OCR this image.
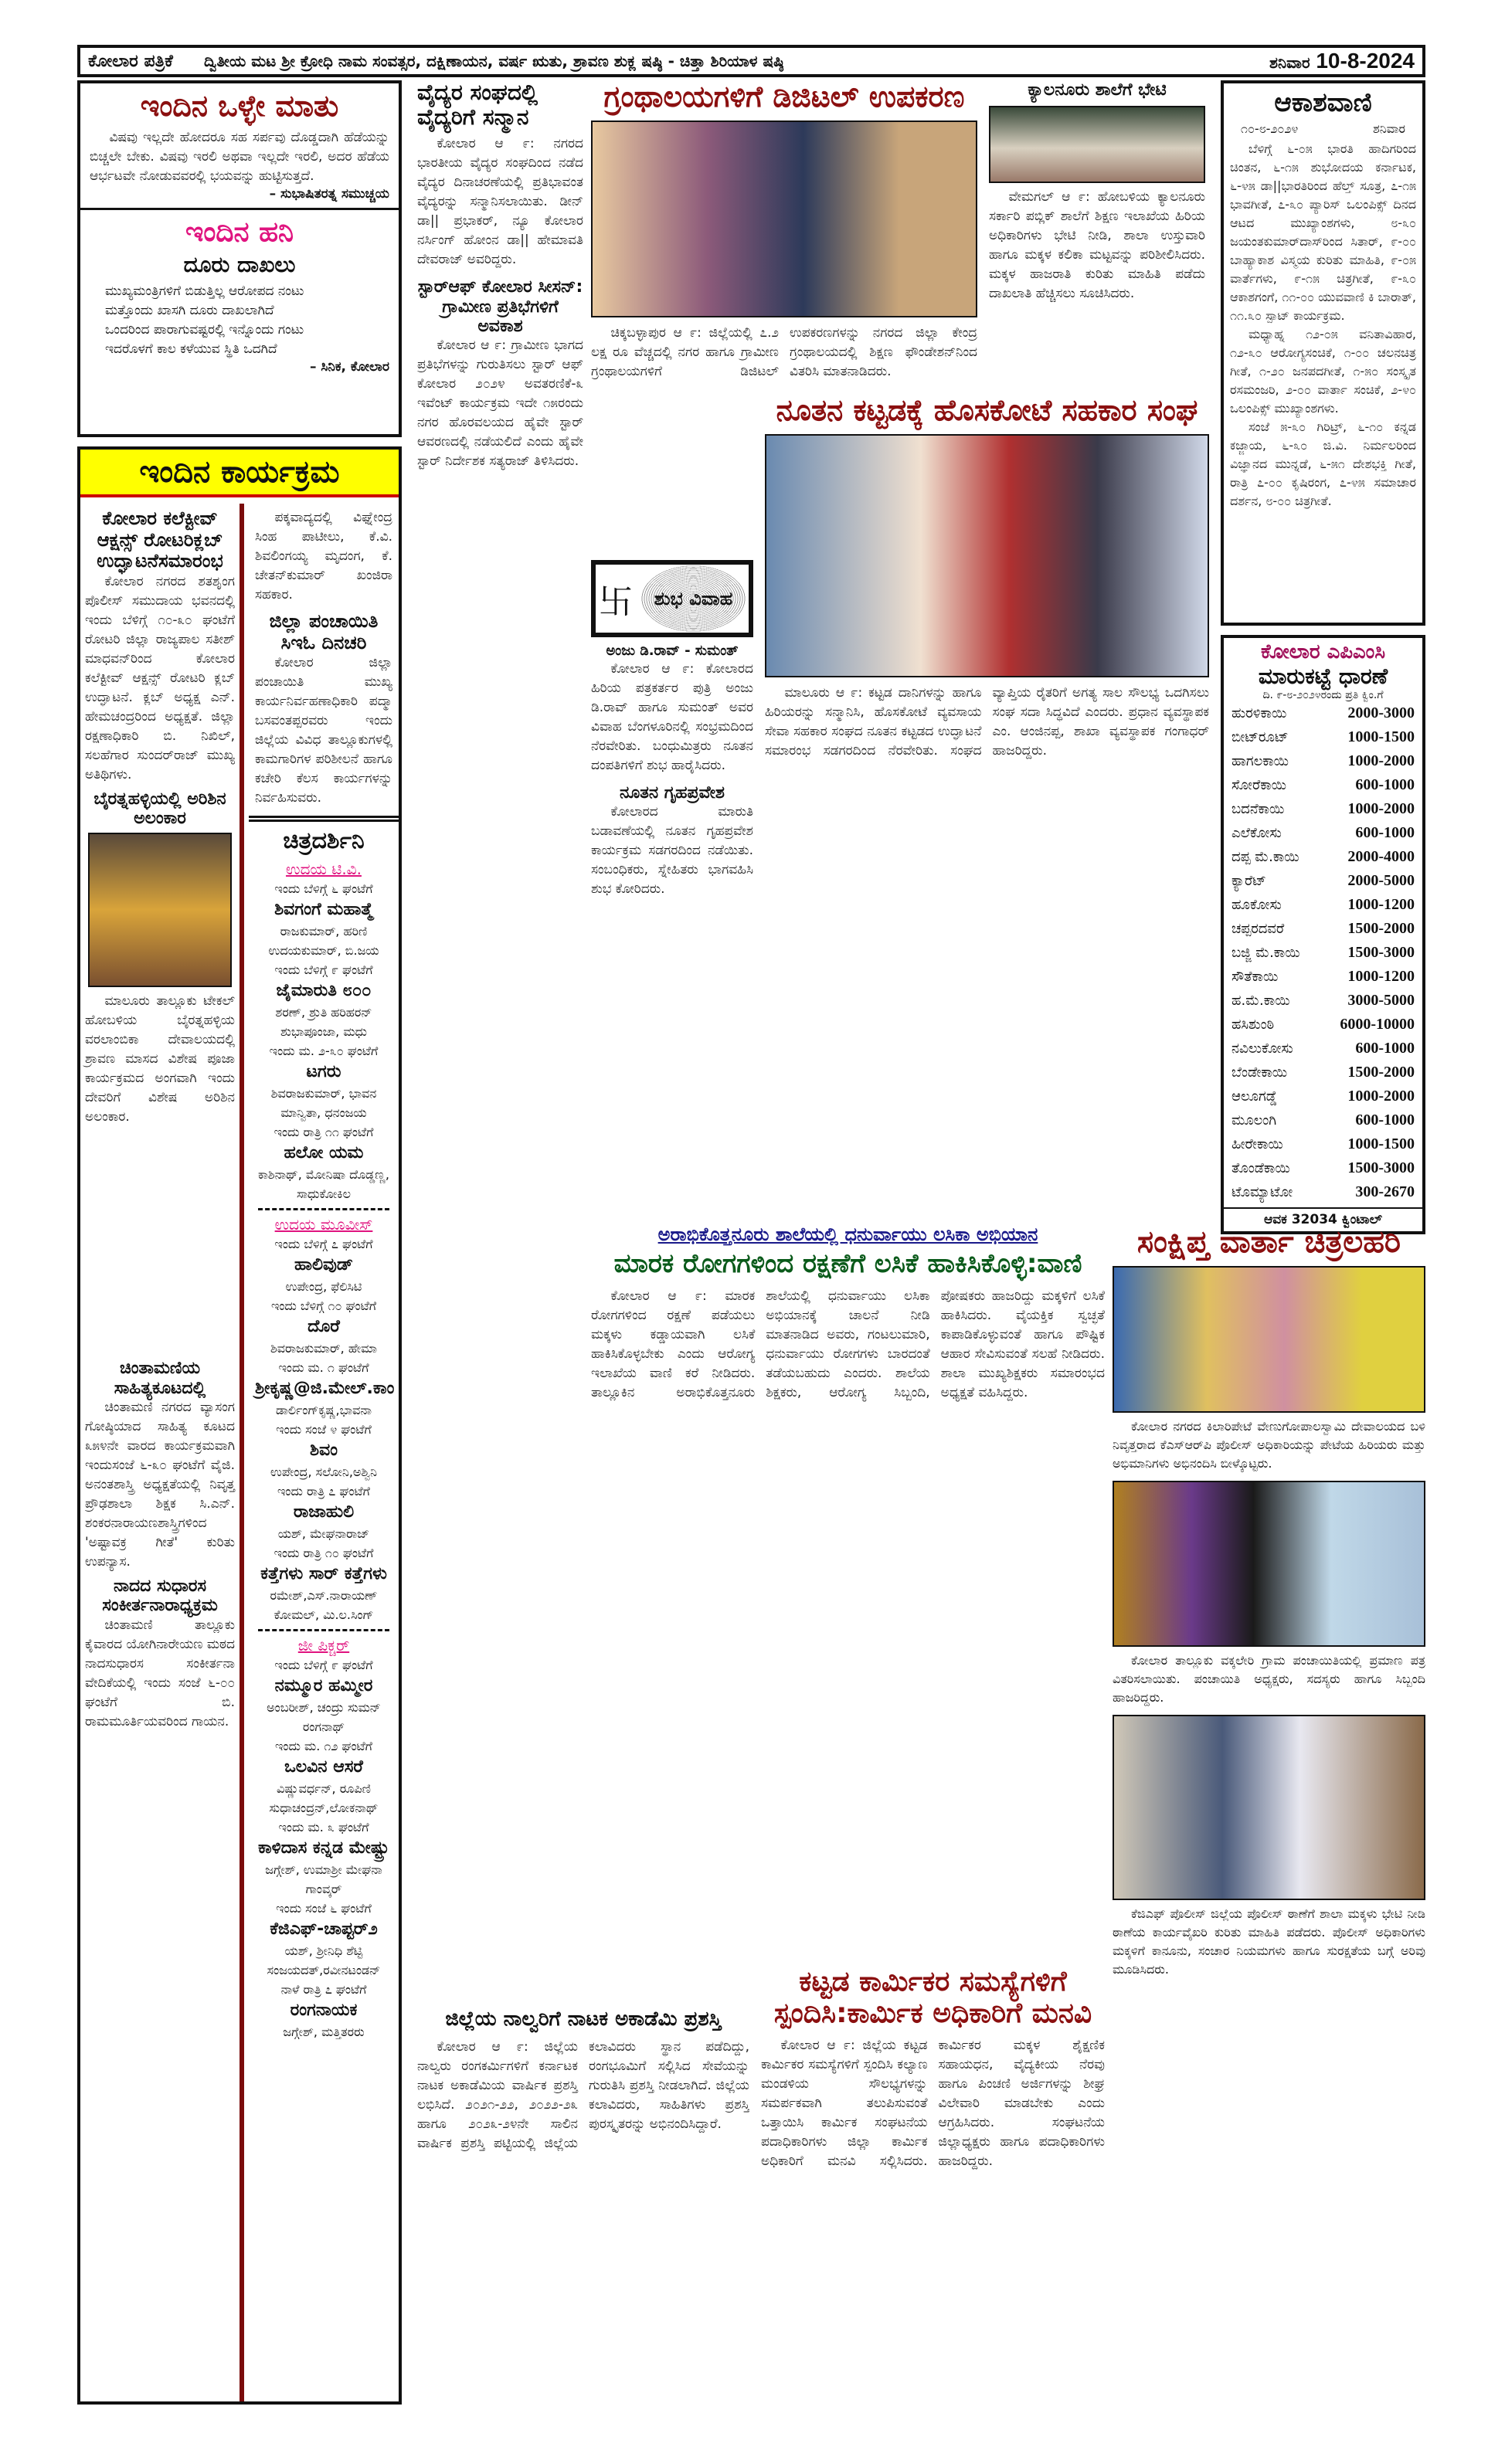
ಕೋಲಾರ ಪತ್ರಿಕೆ ದ್ವಿತೀಯ ಮಟ ಶ್ರೀ ಕ್ರೋಧಿ ನಾಮ ಸಂವತ್ಸರ, ದಕ್ಷಿಣಾಯನ, ವರ್ಷ ಋತು, ಶ್ರಾವಣ ಶುಕ್ಲ ಷಷ್ಠಿ - ಚಿತ್ತಾ ಶಿರಿಯಾಳ ಷಷ್ಠಿ	ಶನಿವಾರ 10-8-2024
ಇಂದಿನ ಒಳ್ಳೇ ಮಾತು

ವಿಷವು ಇಲ್ಲದೇ ಹೋದರೂ ಸಹ ಸರ್ಪವು ದೊಡ್ಡದಾಗಿ ಹೆಡೆಯನ್ನು ಬಿಚ್ಚಲೇ ಬೇಕು. ವಿಷವು ಇರಲಿ ಅಥವಾ ಇಲ್ಲದೇ ಇರಲಿ, ಅದರ ಹೆಡೆಯ ಆರ್ಭಟವೇ ನೋಡುವವರಲ್ಲಿ ಭಯವನ್ನು ಹುಟ್ಟಿಸುತ್ತದೆ.

– ಸುಭಾಷಿತರತ್ನ ಸಮುಚ್ಚಯ
ಇಂದಿನ ಹನಿ
ದೂರು ದಾಖಲು
ಮುಖ್ಯಮಂತ್ರಿಗಳಿಗೆ ಬಿಡುತ್ತಿಲ್ಲ ಆರೋಪದ ನಂಟು
ಮತ್ತೊಂದು ಖಾಸಗಿ ದೂರು ದಾಖಲಾಗಿದೆ
ಒಂದರಿಂದ ಪಾರಾಗುವಷ್ಟರಲ್ಲಿ ಇನ್ನೊಂದು ಗಂಟು
ಇದರೊಳಗೆ ಕಾಲ ಕಳೆಯುವ ಸ್ಥಿತಿ ಒದಗಿದೆ
– ಸಿನಿಕ, ಕೋಲಾರ
ಇಂದಿನ ಕಾರ್ಯಕ್ರಮ
ಕೋಲಾರ ಕಲೆಕ್ಟೀವ್ ಆಕ್ಷನ್ಸ್ ರೋಟರಿಕ್ಲಬ್ ಉದ್ಘಾಟನೆಸಮಾರಂಭ

ಕೋಲಾರ ನಗರದ ಶತಶೃಂಗ ಪೊಲೀಸ್ ಸಮುದಾಯ ಭವನದಲ್ಲಿ ಇಂದು ಬೆಳಿಗ್ಗೆ ೧೦-೩೦ ಘಂಟೆಗೆ ರೋಟರಿ ಜಿಲ್ಲಾ ರಾಜ್ಯಪಾಲ ಸತೀಶ್ ಮಾಧವನ್‌ರಿಂದ ಕೋಲಾರ ಕಲೆಕ್ಟೀವ್ ಆಕ್ಷನ್ಸ್ ರೋಟರಿ ಕ್ಲಬ್ ಉದ್ಘಾಟನೆ. ಕ್ಲಬ್ ಅಧ್ಯಕ್ಷ ಎನ್. ಹೇಮಚಂದ್ರರಿಂದ ಅಧ್ಯಕ್ಷತೆ. ಜಿಲ್ಲಾ ರಕ್ಷಣಾಧಿಕಾರಿ ಬಿ. ನಿಖಿಲ್, ಸಲಹೆಗಾರ ಸುಂದರ್‌ರಾಜ್ ಮುಖ್ಯ ಅತಿಥಿಗಳು.

ಬೈರತ್ನಹಳ್ಳಿಯಲ್ಲಿ ಅರಿಶಿನ ಅಲಂಕಾರ

ಮಾಲೂರು ತಾಲ್ಲೂಕು ಟೇಕಲ್ ಹೋಬಳಿಯ ಬೈರತ್ನಹಳ್ಳಿಯ ವರಲಾಂಬಿಕಾ ದೇವಾಲಯದಲ್ಲಿ ಶ್ರಾವಣ ಮಾಸದ ವಿಶೇಷ ಪೂಜಾ ಕಾರ್ಯಕ್ರಮದ ಅಂಗವಾಗಿ ಇಂದು ದೇವರಿಗೆ ವಿಶೇಷ ಅರಿಶಿನ ಅಲಂಕಾರ.

ಚಿಂತಾಮಣಿಯ ಸಾಹಿತ್ಯಕೂಟದಲ್ಲಿ

ಚಿಂತಾಮಣಿ ನಗರದ ವ್ಯಾಸಂಗ ಗೋಷ್ಠಿಯಾದ ಸಾಹಿತ್ಯ ಕೂಟದ ೩೫೪ನೇ ವಾರದ ಕಾರ್ಯಕ್ರಮವಾಗಿ ಇಂದುಸಂಜೆ ೬-೩೦ ಘಂಟೆಗೆ ವೈಜಿ. ಅನಂತಶಾಸ್ತ್ರಿ ಅಧ್ಯಕ್ಷತೆಯಲ್ಲಿ ನಿವೃತ್ತ ಪ್ರೌಢಶಾಲಾ ಶಿಕ್ಷಕ ಸಿ.ಎನ್. ಶಂಕರನಾರಾಯಣಶಾಸ್ತ್ರಿಗಳಿಂದ 'ಅಷ್ಟಾವಕ್ರ ಗೀತೆ' ಕುರಿತು ಉಪನ್ಯಾಸ.

ನಾದದ ಸುಧಾರಸ ಸಂಕೀರ್ತನಾರಾಧ್ಯಕ್ರಮ

ಚಿಂತಾಮಣಿ ತಾಲ್ಲೂಕು ಕೈವಾರದ ಯೋಗಿನಾರೇಯಣ ಮಠದ ನಾದಸುಧಾರಸ ಸಂಕೀರ್ತನಾ ವೇದಿಕೆಯಲ್ಲಿ ಇಂದು ಸಂಜೆ ೬-೦೦ ಘಂಟೆಗೆ ಬಿ. ರಾಮಮೂರ್ತಿಯವರಿಂದ ಗಾಯನ.

ಪಕ್ಕವಾದ್ಯದಲ್ಲಿ ವಿಘ್ನೇಂದ್ರ ಸಿಂಹ ಪಾಟೀಲು, ಕೆ.ವಿ. ಶಿವಲಿಂಗಯ್ಯ ಮೃದಂಗ, ಕೆ. ಚೇತನ್‌ಕುಮಾರ್ ಖಂಜಿರಾ ಸಹಕಾರ.

ಜಿಲ್ಲಾ ಪಂಚಾಯಿತಿ ಸಿಇಓ ದಿನಚರಿ

ಕೋಲಾರ ಜಿಲ್ಲಾ ಪಂಚಾಯಿತಿ ಮುಖ್ಯ ಕಾರ್ಯನಿರ್ವಹಣಾಧಿಕಾರಿ ಪದ್ಮಾ ಬಸವಂತಪ್ಪರವರು ಇಂದು ಜಿಲ್ಲೆಯ ವಿವಿಧ ತಾಲ್ಲೂಕುಗಳಲ್ಲಿ ಕಾಮಗಾರಿಗಳ ಪರಿಶೀಲನೆ ಹಾಗೂ ಕಚೇರಿ ಕೆಲಸ ಕಾರ್ಯಗಳನ್ನು ನಿರ್ವಹಿಸುವರು.

ಚಿತ್ರದರ್ಶಿನಿ

ಉದಯ ಟಿ.ವಿ.

ಇಂದು ಬೆಳಿಗ್ಗೆ ೬ ಘಂಟೆಗೆ

ಶಿವಗಂಗೆ ಮಹಾತ್ಮೆ

ರಾಜಕುಮಾರ್, ಹರಿಣಿ ಉದಯಕುಮಾರ್, ಬಿ.ಜಯ

ಇಂದು ಬೆಳಿಗ್ಗೆ ೯ ಘಂಟೆಗೆ

ಜೈಮಾರುತಿ ೮೦೦

ಶರಣ್, ಶ್ರುತಿ ಹರಿಹರನ್ ಶುಭಾಪೂಂಜಾ, ಮಧು

ಇಂದು ಮ. ೨-೩೦ ಘಂಟೆಗೆ

ಟಗರು

ಶಿವರಾಜಕುಮಾರ್, ಭಾವನ ಮಾನ್ವಿತಾ, ಧನಂಜಯ

ಇಂದು ರಾತ್ರಿ ೧೧ ಘಂಟೆಗೆ

ಹಲೋ ಯಮ

ಕಾಶಿನಾಥ್, ಮೋನಿಷಾ ದೊಡ್ಡಣ್ಣ, ಸಾಧುಕೋಕಿಲ

ಉದಯ ಮೂವೀಸ್

ಇಂದು ಬೆಳಿಗ್ಗೆ ೭ ಘಂಟೆಗೆ

ಹಾಲಿವುಡ್

ಉಪೇಂದ್ರ, ಫೆಲಿಸಿಟಿ

ಇಂದು ಬೆಳಿಗ್ಗೆ ೧೦ ಘಂಟೆಗೆ

ದೊರೆ

ಶಿವರಾಜಕುಮಾರ್, ಹೇಮಾ

ಇಂದು ಮ. ೧ ಘಂಟೆಗೆ

ಶ್ರೀಕೃಷ್ಣ@ಜಿ.ಮೇಲ್.ಕಾಂ

ಡಾರ್ಲಿಂಗ್‌ಕೃಷ್ಣ,ಭಾವನಾ

ಇಂದು ಸಂಜೆ ೪ ಘಂಟೆಗೆ

ಶಿವಂ

ಉಪೇಂದ್ರ, ಸಲೋನಿ,ಅಶ್ವಿನಿ

ಇಂದು ರಾತ್ರಿ ೭ ಘಂಟೆಗೆ

ರಾಜಾಹುಲಿ

ಯಶ್, ಮೇಘನಾರಾಜ್

ಇಂದು ರಾತ್ರಿ ೧೦ ಘಂಟೆಗೆ

ಕತ್ತೆಗಳು ಸಾರ್ ಕತ್ತೆಗಳು

ರಮೇಶ್,ಎಸ್.ನಾರಾಯಣ್ ಕೋಮಲ್, ಮಿ.ಲ.ಸಿಂಗ್

ಜೀ ಪಿಕ್ಚರ್

ಇಂದು ಬೆಳಿಗ್ಗೆ ೯ ಘಂಟೆಗೆ

ನಮ್ಮೂರ ಹಮ್ಮೀರ

ಅಂಬರೀಶ್, ಚಂದ್ರು ಸುಮನ್ ರಂಗನಾಥ್

ಇಂದು ಮ. ೧೨ ಘಂಟೆಗೆ

ಒಲವಿನ ಆಸರೆ

ವಿಷ್ಣುವರ್ಧನ್, ರೂಪಿಣಿ ಸುಧಾಚಂದ್ರನ್,ಲೋಕನಾಥ್

ಇಂದು ಮ. ೩ ಘಂಟೆಗೆ

ಕಾಳಿದಾಸ ಕನ್ನಡ ಮೇಷ್ಟ್ರು

ಜಗ್ಗೇಶ್, ಉಮಾಶ್ರೀ ಮೇಘನಾ ಗಾಂವ್ಕರ್

ಇಂದು ಸಂಜೆ ೬ ಘಂಟೆಗೆ

ಕೆಜಿಎಫ್-ಚಾಪ್ಟರ್೨

ಯಶ್, ಶ್ರೀನಿಧಿ ಶೆಟ್ಟಿ ಸಂಜಯದತ್,ರವೀನಟಂಡನ್

ನಾಳೆ ರಾತ್ರಿ ೭ ಘಂಟೆಗೆ

ರಂಗನಾಯಕ

ಜಗ್ಗೇಶ್, ಮತ್ತಿತರರು

ವೈದ್ಯರ ಸಂಘದಲ್ಲಿ ವೈದ್ಯರಿಗೆ ಸನ್ಮಾನ

ಕೋಲಾರ ಆ ೯: ನಗರದ ಭಾರತೀಯ ವೈದ್ಯರ ಸಂಘದಿಂದ ನಡೆದ ವೈದ್ಯರ ದಿನಾಚರಣೆಯಲ್ಲಿ ಪ್ರತಿಭಾವಂತ ವೈದ್ಯರನ್ನು ಸನ್ಮಾನಿಸಲಾಯಿತು. ಡೀನ್ ಡಾ|| ಪ್ರಭಾಕರ್, ನ್ಯೂ ಕೋಲಾರ ನರ್ಸಿಂಗ್ ಹೋಂನ ಡಾ|| ಹೇಮಾವತಿ ದೇವರಾಜ್ ಅವರಿದ್ದರು.

ಸ್ಟಾರ್‌ಆಫ್ ಕೋಲಾರ ಸೀಸನ್: ಗ್ರಾಮೀಣ ಪ್ರತಿಭೆಗಳಿಗೆ ಅವಕಾಶ

ಕೋಲಾರ ಆ ೯: ಗ್ರಾಮೀಣ ಭಾಗದ ಪ್ರತಿಭೆಗಳನ್ನು ಗುರುತಿಸಲು ಸ್ಟಾರ್ ಆಫ್ ಕೋಲಾರ ೨೦೨೪ ಅವತರಣಿಕೆ-೩ ಇವೆಂಟ್ ಕಾರ್ಯಕ್ರಮ ಇದೇ ೧೫ರಂದು ನಗರ ಹೊರವಲಯದ ಹೈವೇ ಸ್ಟಾರ್ ಆವರಣದಲ್ಲಿ ನಡೆಯಲಿದೆ ಎಂದು ಹೈವೇ ಸ್ಟಾರ್ ನಿರ್ದೇಶಕ ಸತ್ಯರಾಜ್ ತಿಳಿಸಿದರು.

ಗ್ರಂಥಾಲಯಗಳಿಗೆ ಡಿಜಿಟಲ್ ಉಪಕರಣ

ಚಿಕ್ಕಬಳ್ಳಾಪುರ ಆ ೯: ಜಿಲ್ಲೆಯಲ್ಲಿ ೭.೨ ಲಕ್ಷ ರೂ ವೆಚ್ಚದಲ್ಲಿ ನಗರ ಹಾಗೂ ಗ್ರಾಮೀಣ ಗ್ರಂಥಾಲಯಗಳಿಗೆ ಡಿಜಿಟಲ್ ಉಪಕರಣಗಳನ್ನು ನಗರದ ಜಿಲ್ಲಾ ಕೇಂದ್ರ ಗ್ರಂಥಾಲಯದಲ್ಲಿ ಶಿಕ್ಷಣ ಫೌಂಡೇಶನ್‌ನಿಂದ ವಿತರಿಸಿ ಮಾತನಾಡಿದರು.

ಕ್ಯಾಲನೂರು ಶಾಲೆಗೆ ಭೇಟಿ

ವೇಮಗಲ್ ಆ ೯: ಹೋಬಳಿಯ ಕ್ಯಾಲನೂರು ಸರ್ಕಾರಿ ಪಬ್ಲಿಕ್ ಶಾಲೆಗೆ ಶಿಕ್ಷಣ ಇಲಾಖೆಯ ಹಿರಿಯ ಅಧಿಕಾರಿಗಳು ಭೇಟಿ ನೀಡಿ, ಶಾಲಾ ಉಸ್ತುವಾರಿ ಹಾಗೂ ಮಕ್ಕಳ ಕಲಿಕಾ ಮಟ್ಟವನ್ನು ಪರಿಶೀಲಿಸಿದರು. ಮಕ್ಕಳ ಹಾಜರಾತಿ ಕುರಿತು ಮಾಹಿತಿ ಪಡೆದು ದಾಖಲಾತಿ ಹೆಚ್ಚಿಸಲು ಸೂಚಿಸಿದರು.

ಆಕಾಶವಾಣಿ
೧೦-೮-೨೦೨೪	ಶನಿವಾರ

ಬೆಳಿಗ್ಗೆ ೬-೦೫ ಭಾರತಿ ಹಾದಿಗರಿಂದ ಚಿಂತನ, ೬-೧೫ ಶುಭೋದಯ ಕರ್ನಾಟಕ, ೬-೪೫ ಡಾ||ಭಾರತಿರಿಂದ ಹೆಲ್ತ್ ಸೂತ್ರ, ೭-೧೫ ಭಾವಗೀತೆ, ೭-೩೦ ಪ್ಯಾರಿಸ್ ಒಲಂಪಿಕ್ಸ್ ದಿನದ ಆಟದ ಮುಖ್ಯಾಂಶಗಳು, ೮-೩೦ ಜಯಂತಕುಮಾರ್‌ದಾಸ್‌ರಿಂದ ಸಿತಾರ್, ೯-೦೦ ಬಾಹ್ಯಾಕಾಶ ವಿಸ್ಮಯ ಕುರಿತು ಮಾಹಿತಿ, ೯-೦೫ ವಾರ್ತೆಗಳು, ೯-೧೫ ಚಿತ್ರಗೀತೆ, ೯-೩೦ ಆಕಾಶಗಂಗೆ, ೧೧-೦೦ ಯುವವಾಣಿ ಕಿ ಬಾರಾತ್, ೧೧.೩೦ ಸ್ಪಾಟ್ ಕಾರ್ಯಕ್ರಮ.

ಮಧ್ಯಾಹ್ನ ೧೨-೦೫ ವನಿತಾವಿಹಾರ, ೧೨-೩೦ ಆರೋಗ್ಯಸಂಚಿಕೆ, ೧-೦೦ ಚಲನಚಿತ್ರ ಗೀತೆ, ೧-೨೦ ಜನಪದಗೀತೆ, ೧-೫೦ ಸಂಸ್ಕೃತ ರಸಮಂಜರಿ, ೨-೦೦ ವಾರ್ತಾ ಸಂಚಿಕೆ, ೨-೪೦ ಒಲಂಪಿಕ್ಸ್ ಮುಖ್ಯಾಂಶಗಳು.

ಸಂಜೆ ೫-೩೦ ಗಿರಿಟ್ರ್, ೬-೧೦ ಕನ್ನಡ ಕಜ್ಜಾಯ, ೬-೩೦ ಜಿ.ವಿ. ನಿರ್ಮಲರಿಂದ ವಿಜ್ಞಾನದ ಮುನ್ನಡೆ, ೬-೫೧ ದೇಶಭಕ್ತಿ ಗೀತೆ, ರಾತ್ರಿ ೭-೦೦ ಕೃಷಿರಂಗ, ೭-೪೫ ಸಮಾಚಾರ ದರ್ಶನ, ೮-೦೦ ಚಿತ್ರಗೀತೆ.

卐	ಶುಭ ವಿವಾಹ
ಅಂಜು ಡಿ.ರಾವ್ - ಸುಮಂತ್

ಕೋಲಾರ ಆ ೯: ಕೋಲಾರದ ಹಿರಿಯ ಪತ್ರಕರ್ತರ ಪುತ್ರಿ ಅಂಜು ಡಿ.ರಾವ್ ಹಾಗೂ ಸುಮಂತ್ ಅವರ ವಿವಾಹ ಬೆಂಗಳೂರಿನಲ್ಲಿ ಸಂಭ್ರಮದಿಂದ ನೆರವೇರಿತು. ಬಂಧುಮಿತ್ರರು ನೂತನ ದಂಪತಿಗಳಿಗೆ ಶುಭ ಹಾರೈಸಿದರು.

ನೂತನ ಗೃಹಪ್ರವೇಶ

ಕೋಲಾರದ ಮಾರುತಿ ಬಡಾವಣೆಯಲ್ಲಿ ನೂತನ ಗೃಹಪ್ರವೇಶ ಕಾರ್ಯಕ್ರಮ ಸಡಗರದಿಂದ ನಡೆಯಿತು. ಸಂಬಂಧಿಕರು, ಸ್ನೇಹಿತರು ಭಾಗವಹಿಸಿ ಶುಭ ಕೋರಿದರು.

ನೂತನ ಕಟ್ಟಡಕ್ಕೆ ಹೊಸಕೋಟೆ ಸಹಕಾರ ಸಂಘ

ಮಾಲೂರು ಆ ೯: ಕಟ್ಟಡ ದಾನಿಗಳನ್ನು ಹಾಗೂ ಹಿರಿಯರನ್ನು ಸನ್ಮಾನಿಸಿ, ಹೊಸಕೋಟೆ ವ್ಯವಸಾಯ ಸೇವಾ ಸಹಕಾರ ಸಂಘದ ನೂತನ ಕಟ್ಟಡದ ಉದ್ಘಾಟನೆ ಸಮಾರಂಭ ಸಡಗರದಿಂದ ನೆರವೇರಿತು. ಸಂಘದ ವ್ಯಾಪ್ತಿಯ ರೈತರಿಗೆ ಅಗತ್ಯ ಸಾಲ ಸೌಲಭ್ಯ ಒದಗಿಸಲು ಸಂಘ ಸದಾ ಸಿದ್ಧವಿದೆ ಎಂದರು. ಪ್ರಧಾನ ವ್ಯವಸ್ಥಾಪಕ ಎಂ. ಆಂಜಿನಪ್ಪ, ಶಾಖಾ ವ್ಯವಸ್ಥಾಪಕ ಗಂಗಾಧರ್ ಹಾಜರಿದ್ದರು.

ಕೋಲಾರ ಎಪಿಎಂಸಿ
ಮಾರುಕಟ್ಟೆ ಧಾರಣೆ
ದಿ. ೯-೮-೨೦೨೪ರಂದು ಪ್ರತಿ ಕ್ವಿಂ.ಗೆ
ಹುರಳಿಕಾಯಿ	2000-3000
ಬೀಟ್‌ರೂಟ್	1000-1500
ಹಾಗಲಕಾಯಿ	1000-2000
ಸೋರೆಕಾಯಿ	600-1000
ಬದನೆಕಾಯಿ	1000-2000
ಎಲೆಕೋಸು	600-1000
ದಪ್ಪ ಮೆ.ಕಾಯಿ	2000-4000
ಕ್ಯಾರೆಟ್	2000-5000
ಹೂಕೋಸು	1000-1200
ಚಪ್ಪರದವರೆ	1500-2000
ಬಜ್ಜಿ ಮೆ.ಕಾಯಿ	1500-3000
ಸೌತೆಕಾಯಿ	1000-1200
ಹ.ಮೆ.ಕಾಯಿ	3000-5000
ಹಸಿಶುಂಠಿ	6000-10000
ನವಿಲುಕೋಸು	600-1000
ಬೆಂಡೇಕಾಯಿ	1500-2000
ಆಲೂಗಡ್ಡೆ	1000-2000
ಮೂಲಂಗಿ	600-1000
ಹೀರೇಕಾಯಿ	1000-1500
ತೊಂಡೆಕಾಯಿ	1500-3000
ಟೊಮ್ಯಾಟೋ	300-2670
ಆವಕ 32034 ಕ್ವಿಂಟಾಲ್
ಅರಾಭಿಕೊತ್ತನೂರು ಶಾಲೆಯಲ್ಲಿ ಧನುರ್ವಾಯು ಲಸಿಕಾ ಅಭಿಯಾನ
ಮಾರಕ ರೋಗಗಳಿಂದ ರಕ್ಷಣೆಗೆ ಲಸಿಕೆ ಹಾಕಿಸಿಕೊಳ್ಳಿ:ವಾಣಿ

ಕೋಲಾರ ಆ ೯: ಮಾರಕ ರೋಗಗಳಿಂದ ರಕ್ಷಣೆ ಪಡೆಯಲು ಮಕ್ಕಳು ಕಡ್ಡಾಯವಾಗಿ ಲಸಿಕೆ ಹಾಕಿಸಿಕೊಳ್ಳಬೇಕು ಎಂದು ಆರೋಗ್ಯ ಇಲಾಖೆಯ ವಾಣಿ ಕರೆ ನೀಡಿದರು. ತಾಲ್ಲೂಕಿನ ಅರಾಭಿಕೊತ್ತನೂರು ಶಾಲೆಯಲ್ಲಿ ಧನುರ್ವಾಯು ಲಸಿಕಾ ಅಭಿಯಾನಕ್ಕೆ ಚಾಲನೆ ನೀಡಿ ಮಾತನಾಡಿದ ಅವರು, ಗಂಟಲುಮಾರಿ, ಧನುರ್ವಾಯು ರೋಗಗಳು ಬಾರದಂತೆ ತಡೆಯಬಹುದು ಎಂದರು. ಶಾಲೆಯ ಶಿಕ್ಷಕರು, ಆರೋಗ್ಯ ಸಿಬ್ಬಂದಿ, ಪೋಷಕರು ಹಾಜರಿದ್ದು ಮಕ್ಕಳಿಗೆ ಲಸಿಕೆ ಹಾಕಿಸಿದರು. ವೈಯಕ್ತಿಕ ಸ್ವಚ್ಛತೆ ಕಾಪಾಡಿಕೊಳ್ಳುವಂತೆ ಹಾಗೂ ಪೌಷ್ಟಿಕ ಆಹಾರ ಸೇವಿಸುವಂತೆ ಸಲಹೆ ನೀಡಿದರು. ಶಾಲಾ ಮುಖ್ಯಶಿಕ್ಷಕರು ಸಮಾರಂಭದ ಅಧ್ಯಕ್ಷತೆ ವಹಿಸಿದ್ದರು.

ಜಿಲ್ಲೆಯ ನಾಲ್ವರಿಗೆ ನಾಟಕ ಅಕಾಡೆಮಿ ಪ್ರಶಸ್ತಿ

ಕೋಲಾರ ಆ ೯: ಜಿಲ್ಲೆಯ ನಾಲ್ವರು ರಂಗಕರ್ಮಿಗಳಿಗೆ ಕರ್ನಾಟಕ ನಾಟಕ ಅಕಾಡೆಮಿಯ ವಾರ್ಷಿಕ ಪ್ರಶಸ್ತಿ ಲಭಿಸಿದೆ. ೨೦೨೧-೨೨, ೨೦೨೨-೨೩ ಹಾಗೂ ೨೦೨೩-೨೪ನೇ ಸಾಲಿನ ವಾರ್ಷಿಕ ಪ್ರಶಸ್ತಿ ಪಟ್ಟಿಯಲ್ಲಿ ಜಿಲ್ಲೆಯ ಕಲಾವಿದರು ಸ್ಥಾನ ಪಡೆದಿದ್ದು, ರಂಗಭೂಮಿಗೆ ಸಲ್ಲಿಸಿದ ಸೇವೆಯನ್ನು ಗುರುತಿಸಿ ಪ್ರಶಸ್ತಿ ನೀಡಲಾಗಿದೆ. ಜಿಲ್ಲೆಯ ಕಲಾವಿದರು, ಸಾಹಿತಿಗಳು ಪ್ರಶಸ್ತಿ ಪುರಸ್ಕೃತರನ್ನು ಅಭಿನಂದಿಸಿದ್ದಾರೆ.

ಕಟ್ಟಡ ಕಾರ್ಮಿಕರ ಸಮಸ್ಯೆಗಳಿಗೆ ಸ್ಪಂದಿಸಿ:ಕಾರ್ಮಿಕ ಅಧಿಕಾರಿಗೆ ಮನವಿ

ಕೋಲಾರ ಆ ೯: ಜಿಲ್ಲೆಯ ಕಟ್ಟಡ ಕಾರ್ಮಿಕರ ಸಮಸ್ಯೆಗಳಿಗೆ ಸ್ಪಂದಿಸಿ ಕಲ್ಯಾಣ ಮಂಡಳಿಯ ಸೌಲಭ್ಯಗಳನ್ನು ಸಮರ್ಪಕವಾಗಿ ತಲುಪಿಸುವಂತೆ ಒತ್ತಾಯಿಸಿ ಕಾರ್ಮಿಕ ಸಂಘಟನೆಯ ಪದಾಧಿಕಾರಿಗಳು ಜಿಲ್ಲಾ ಕಾರ್ಮಿಕ ಅಧಿಕಾರಿಗೆ ಮನವಿ ಸಲ್ಲಿಸಿದರು. ಕಾರ್ಮಿಕರ ಮಕ್ಕಳ ಶೈಕ್ಷಣಿಕ ಸಹಾಯಧನ, ವೈದ್ಯಕೀಯ ನೆರವು ಹಾಗೂ ಪಿಂಚಣಿ ಅರ್ಜಿಗಳನ್ನು ಶೀಘ್ರ ವಿಲೇವಾರಿ ಮಾಡಬೇಕು ಎಂದು ಆಗ್ರಹಿಸಿದರು. ಸಂಘಟನೆಯ ಜಿಲ್ಲಾಧ್ಯಕ್ಷರು ಹಾಗೂ ಪದಾಧಿಕಾರಿಗಳು ಹಾಜರಿದ್ದರು.

ಸಂಕ್ಷಿಪ್ತ ವಾರ್ತಾ ಚಿತ್ರಲಹರಿ

ಕೋಲಾರ ನಗರದ ಕಿಲಾರಿಪೇಟೆ ವೇಣುಗೋಪಾಲಸ್ವಾಮಿ ದೇವಾಲಯದ ಬಳಿ ನಿವೃತ್ತರಾದ ಕೆಎಸ್‌ಆರ್‌ಪಿ ಪೊಲೀಸ್ ಅಧಿಕಾರಿಯನ್ನು ಪೇಟೆಯ ಹಿರಿಯರು ಮತ್ತು ಅಭಿಮಾನಿಗಳು ಅಭಿನಂದಿಸಿ ಬೀಳ್ಕೊಟ್ಟರು.

ಕೋಲಾರ ತಾಲ್ಲೂಕು ವಕ್ಕಲೇರಿ ಗ್ರಾಮ ಪಂಚಾಯಿತಿಯಲ್ಲಿ ಪ್ರಮಾಣ ಪತ್ರ ವಿತರಿಸಲಾಯಿತು. ಪಂಚಾಯಿತಿ ಅಧ್ಯಕ್ಷರು, ಸದಸ್ಯರು ಹಾಗೂ ಸಿಬ್ಬಂದಿ ಹಾಜರಿದ್ದರು.

ಕೆಜಿಎಫ್ ಪೊಲೀಸ್ ಜಿಲ್ಲೆಯ ಪೊಲೀಸ್ ಠಾಣೆಗೆ ಶಾಲಾ ಮಕ್ಕಳು ಭೇಟಿ ನೀಡಿ ಠಾಣೆಯ ಕಾರ್ಯವೈಖರಿ ಕುರಿತು ಮಾಹಿತಿ ಪಡೆದರು. ಪೊಲೀಸ್ ಅಧಿಕಾರಿಗಳು ಮಕ್ಕಳಿಗೆ ಕಾನೂನು, ಸಂಚಾರ ನಿಯಮಗಳು ಹಾಗೂ ಸುರಕ್ಷತೆಯ ಬಗ್ಗೆ ಅರಿವು ಮೂಡಿಸಿದರು.
